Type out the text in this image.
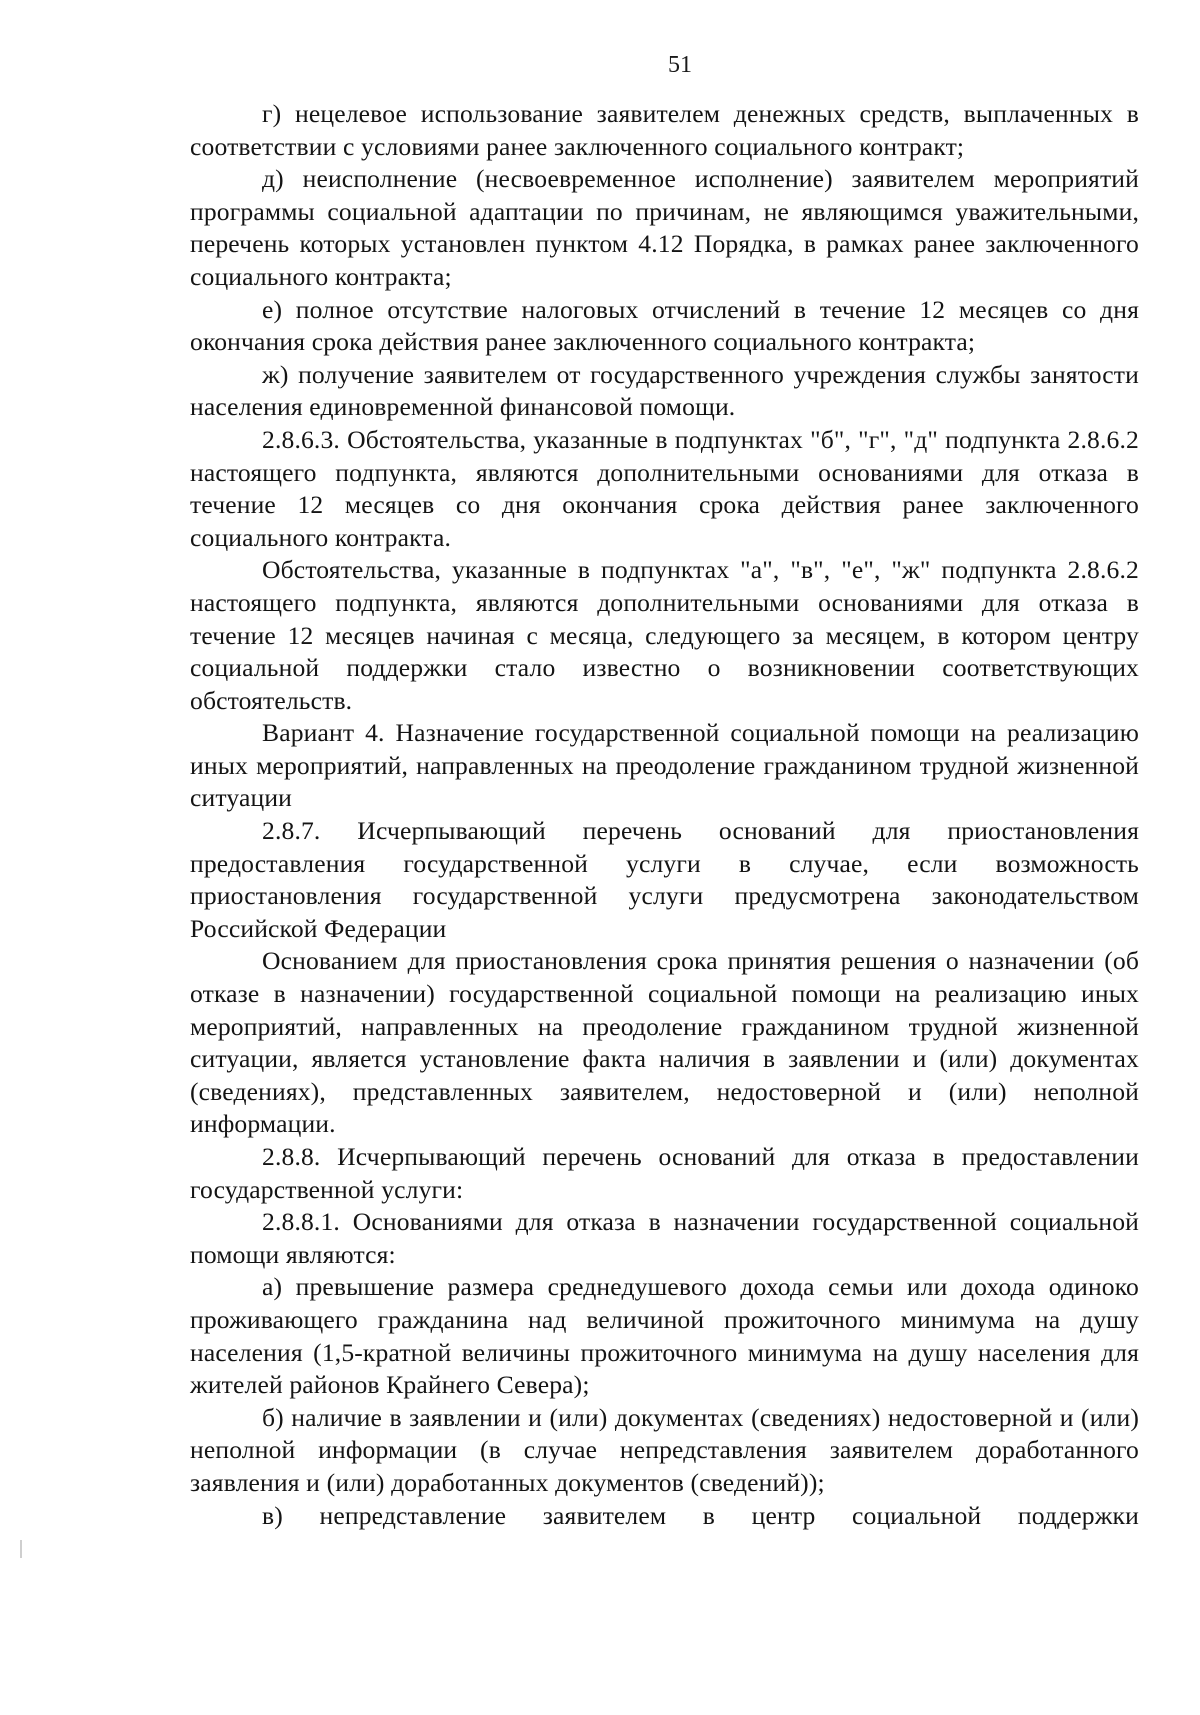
51

г) нецелевое использование заявителем денежных средств, выплаченных в соответствии с условиями ранее заключенного социального контракт;

д) неисполнение (несвоевременное исполнение) заявителем мероприятий программы социальной адаптации по причинам, не являющимся уважительными, перечень которых установлен пунктом 4.12 Порядка, в рамках ранее заключенного социального контракта;

е) полное отсутствие налоговых отчислений в течение 12 месяцев со дня окончания срока действия ранее заключенного социального контракта;

ж) получение заявителем от государственного учреждения службы занятости населения единовременной финансовой помощи.

2.8.6.3. Обстоятельства, указанные в подпунктах "б", "г", "д" подпункта 2.8.6.2 настоящего подпункта, являются дополнительными основаниями для отказа в течение 12 месяцев со дня окончания срока действия ранее заключенного социального контракта.

Обстоятельства, указанные в подпунктах "а", "в", "е", "ж" подпункта 2.8.6.2 настоящего подпункта, являются дополнительными основаниями для отказа в течение 12 месяцев начиная с месяца, следующего за месяцем, в котором центру социальной поддержки стало известно о возникновении соответствующих обстоятельств.

Вариант 4. Назначение государственной социальной помощи на реализацию иных мероприятий, направленных на преодоление гражданином трудной жизненной ситуации

2.8.7. Исчерпывающий перечень оснований для приостановления предоставления государственной услуги в случае, если возможность приостановления государственной услуги предусмотрена законодательством Российской Федерации

Основанием для приостановления срока принятия решения о назначении (об отказе в назначении) государственной социальной помощи на реализацию иных мероприятий, направленных на преодоление гражданином трудной жизненной ситуации, является установление факта наличия в заявлении и (или) документах (сведениях), представленных заявителем, недостоверной и (или) неполной информации.

2.8.8. Исчерпывающий перечень оснований для отказа в предоставлении государственной услуги:

2.8.8.1. Основаниями для отказа в назначении государственной социальной помощи являются:

а) превышение размера среднедушевого дохода семьи или дохода одиноко проживающего гражданина над величиной прожиточного минимума на душу населения (1,5-кратной величины прожиточного минимума на душу населения для жителей районов Крайнего Севера);

б) наличие в заявлении и (или) документах (сведениях) недостоверной и (или) неполной информации (в случае непредставления заявителем доработанного заявления и (или) доработанных документов (сведений));

в) непредставление заявителем в центр социальной поддержки
